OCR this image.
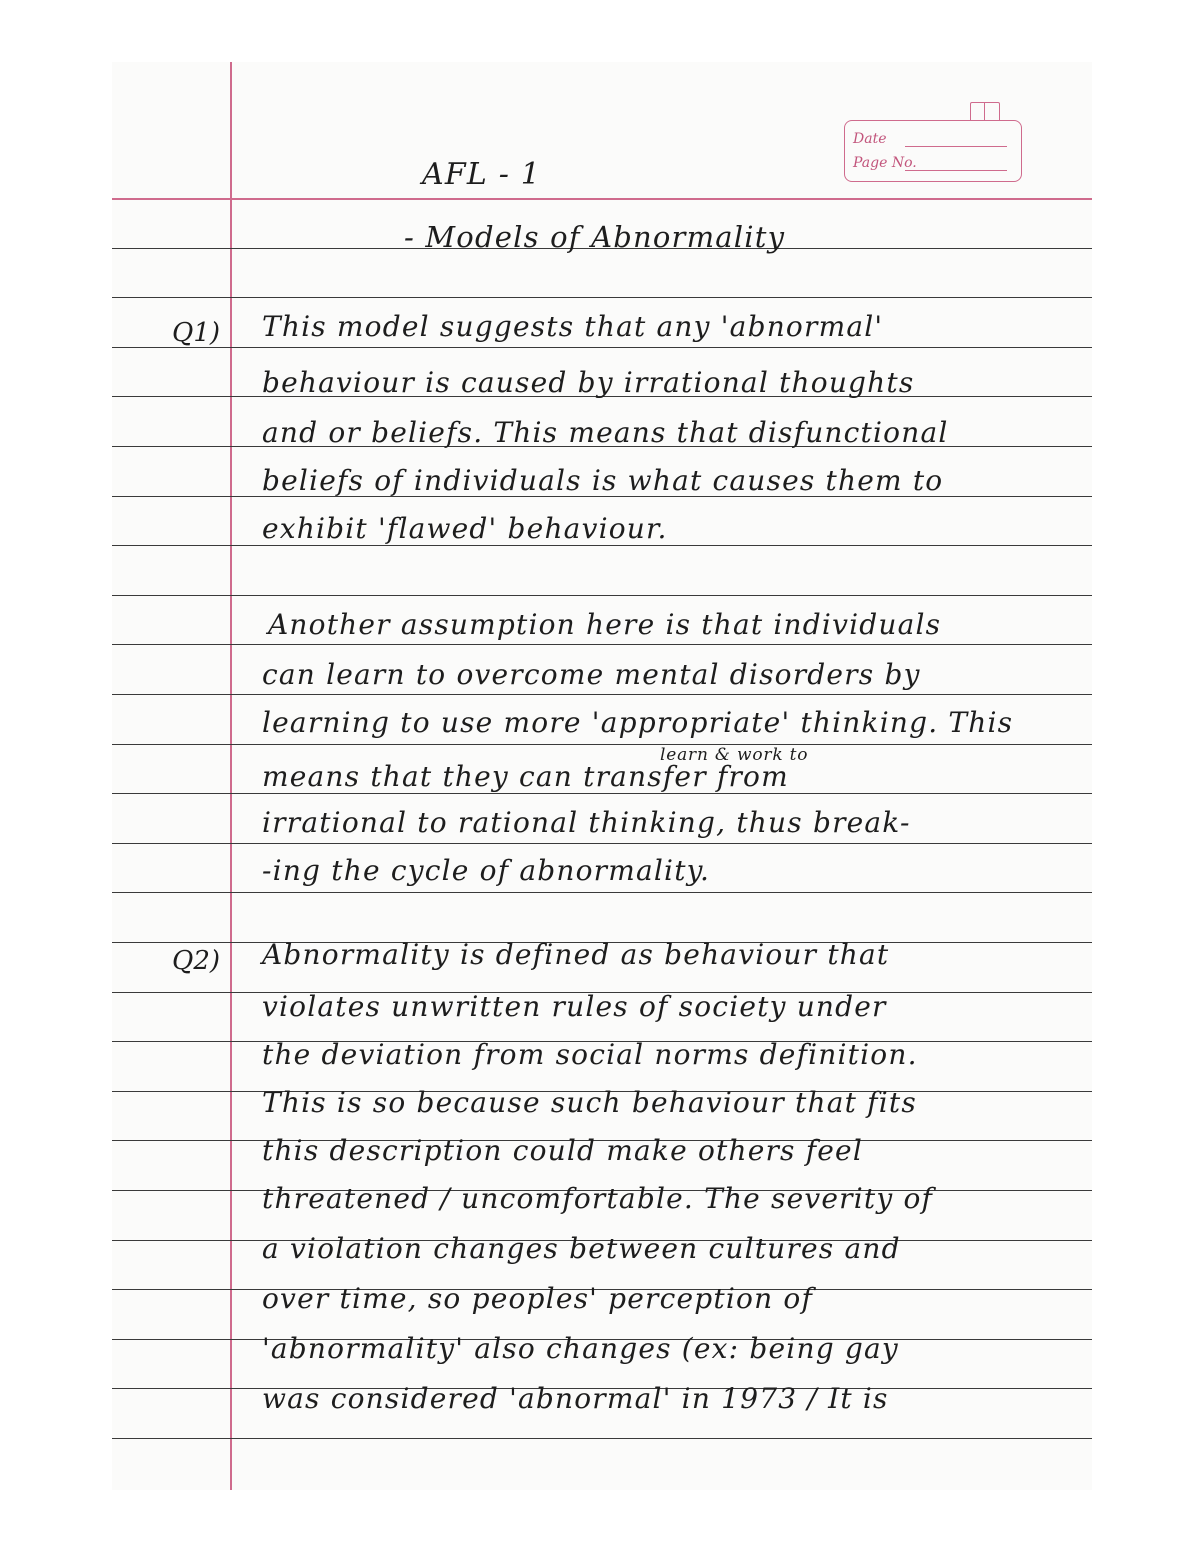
Date
Page No.
AFL - 1
- Models of Abnormality
Q1) This model suggests that any 'abnormal'
behaviour is caused by irrational thoughts
and or beliefs. This means that disfunctional
beliefs of individuals is what causes them to
exhibit 'flawed' behaviour.
Another assumption here is that individuals
can learn to overcome mental disorders by
learning to use more 'appropriate' thinking. This
learn & work to
means that they can transfer from
irrational to rational thinking, thus break-
-ing the cycle of abnormality.
Q2) Abnormality is defined as behaviour that
violates unwritten rules of society under
the deviation from social norms definition.
This is so because such behaviour that fits
this description could make others feel
threatened / uncomfortable. The severity of
a violation changes between cultures and
over time, so peoples' perception of
'abnormality' also changes (ex: being gay
was considered 'abnormal' in 1973 / It is
